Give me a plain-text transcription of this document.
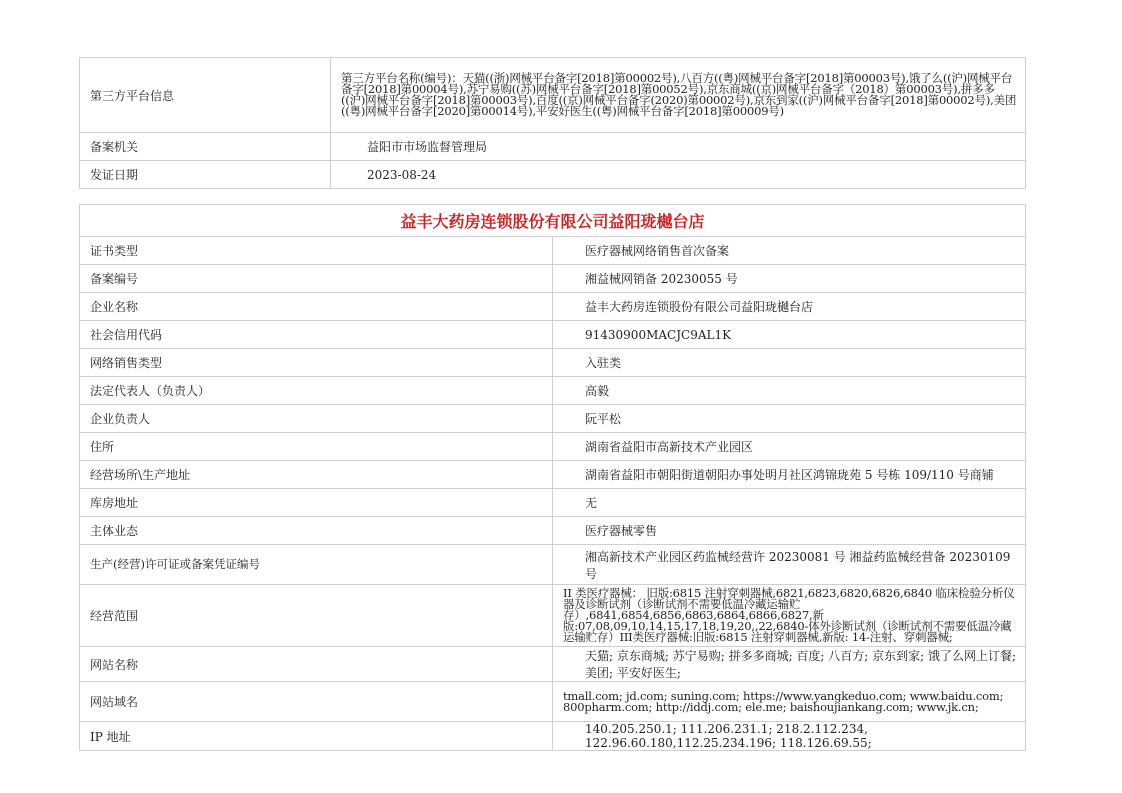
第三方平台信息	第三方平台名称(编号)：天猫((浙)网械平台备字[2018]第00002号),八百方((粤)网械平台备字[2018]第00003号),饿了么((沪)网械平台备字[2018]第00004号),苏宁易购((苏)网械平台备字[2018]第00052号),京东商城((京)网械平台备字（2018）第00003号),拼多多((沪)网械平台备字[2018]第00003号),百度((京)网械平台备字(2020)第00002号),京东到家((沪)网械平台备字[2018]第00002号),美团((粤)网械平台备字[2020]第00014号),平安好医生((粤)网械平台备字[2018]第00009号)
备案机关	益阳市市场监督管理局
发证日期	2023-08-24
益丰大药房连锁股份有限公司益阳珑樾台店	
证书类型	医疗器械网络销售首次备案
备案编号	湘益械网销备 20230055 号
企业名称	益丰大药房连锁股份有限公司益阳珑樾台店
社会信用代码	91430900MACJC9AL1K
网络销售类型	入驻类
法定代表人（负责人）	高毅
企业负责人	阮平松
住所	湖南省益阳市高新技术产业园区
经营场所\生产地址	湖南省益阳市朝阳街道朝阳办事处明月社区鸿锦珑苑 5 号栋 109/110 号商铺
库房地址	无
主体业态	医疗器械零售
生产(经营)许可证或备案凭证编号	湘高新技术产业园区药监械经营许 20230081 号 湘益药监械经营备 20230109 号
经营范围	II 类医疗器械： 旧版:6815 注射穿刺器械,6821,6823,6820,6826,6840 临床检验分析仪器及诊断试剂（诊断试剂不需要低温冷藏运输贮存）,6841,6854,6856,6863,6864,6866,6827,新版:07,08,09,10,14,15,17,18,19,20,,22,6840-体外诊断试剂（诊断试剂不需要低温冷藏运输贮存）III类医疗器械:旧版:6815 注射穿刺器械,新版: 14-注射、穿刺器械;
网站名称	天猫; 京东商城; 苏宁易购; 拼多多商城; 百度; 八百方; 京东到家; 饿了么网上订餐; 美团; 平安好医生;
网站域名	tmall.com; jd.com; suning.com; https://www.yangkeduo.com; www.baidu.com; 800pharm.com; http://iddj.com; ele.me; baishoujiankang.com; www.jk.cn;
IP 地址	140.205.250.1; 111.206.231.1; 218.2.112.234, 122.96.60.180,112.25.234.196; 118.126.69.55;
